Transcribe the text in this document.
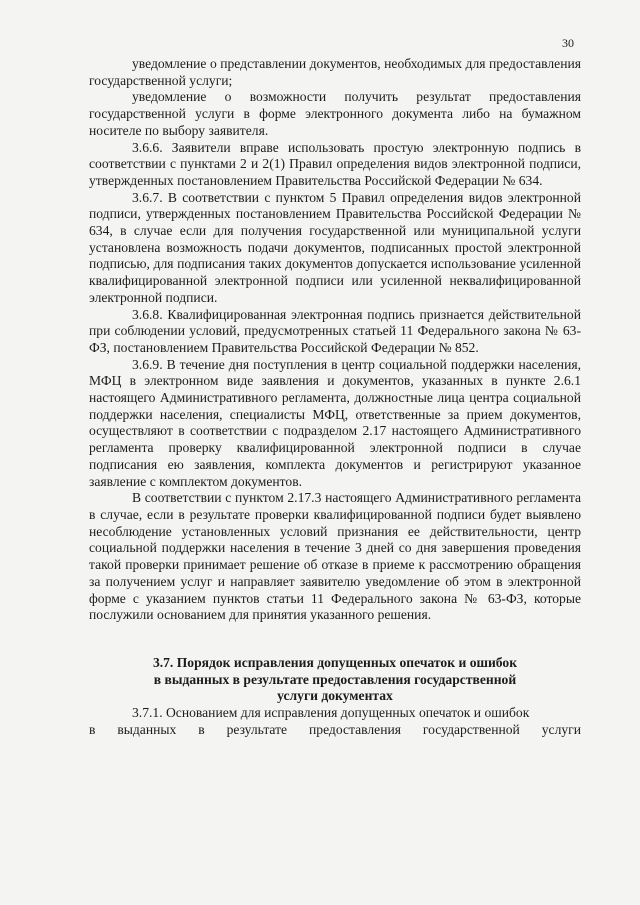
30

уведомление о представлении документов, необходимых для предоставления государственной услуги;

уведомление о возможности получить результат предоставления государственной услуги в форме электронного документа либо на бумажном носителе по выбору заявителя.

3.6.6. Заявители вправе использовать простую электронную подпись в соответствии с пунктами 2 и 2(1) Правил определения видов электронной подписи, утвержденных постановлением Правительства Российской Федерации № 634.

3.6.7. В соответствии с пунктом 5 Правил определения видов электронной подписи, утвержденных постановлением Правительства Российской Федерации № 634, в случае если для получения государственной или муниципальной услуги установлена возможность подачи документов, подписанных простой электронной подписью, для подписания таких документов допускается использование усиленной квалифицированной электронной подписи или усиленной неквалифицированной электронной подписи.

3.6.8. Квалифицированная электронная подпись признается действительной при соблюдении условий, предусмотренных статьей 11 Федерального закона № 63-ФЗ, постановлением Правительства Российской Федерации № 852.

3.6.9. В течение дня поступления в центр социальной поддержки населения, МФЦ в электронном виде заявления и документов, указанных в пункте 2.6.1 настоящего Административного регламента, должностные лица центра социальной поддержки населения, специалисты МФЦ, ответственные за прием документов, осуществляют в соответствии с подразделом 2.17 настоящего Административного регламента проверку квалифицированной электронной подписи в случае подписания ею заявления, комплекта документов и регистрируют указанное заявление с комплектом документов.

В соответствии с пунктом 2.17.3 настоящего Административного регламента в случае, если в результате проверки квалифицированной подписи будет выявлено несоблюдение установленных условий признания ее действительности, центр социальной поддержки населения в течение 3 дней со дня завершения проведения такой проверки принимает решение об отказе в приеме к рассмотрению обращения за получением услуг и направляет заявителю уведомление об этом в электронной форме с указанием пунктов статьи 11 Федерального закона № 63-ФЗ, которые послужили основанием для принятия указанного решения.

3.7. Порядок исправления допущенных опечаток и ошибок
в выданных в результате предоставления государственной
услуги документах

3.7.1. Основанием для исправления допущенных опечаток и ошибок

в выданных в результате предоставления государственной услуги
